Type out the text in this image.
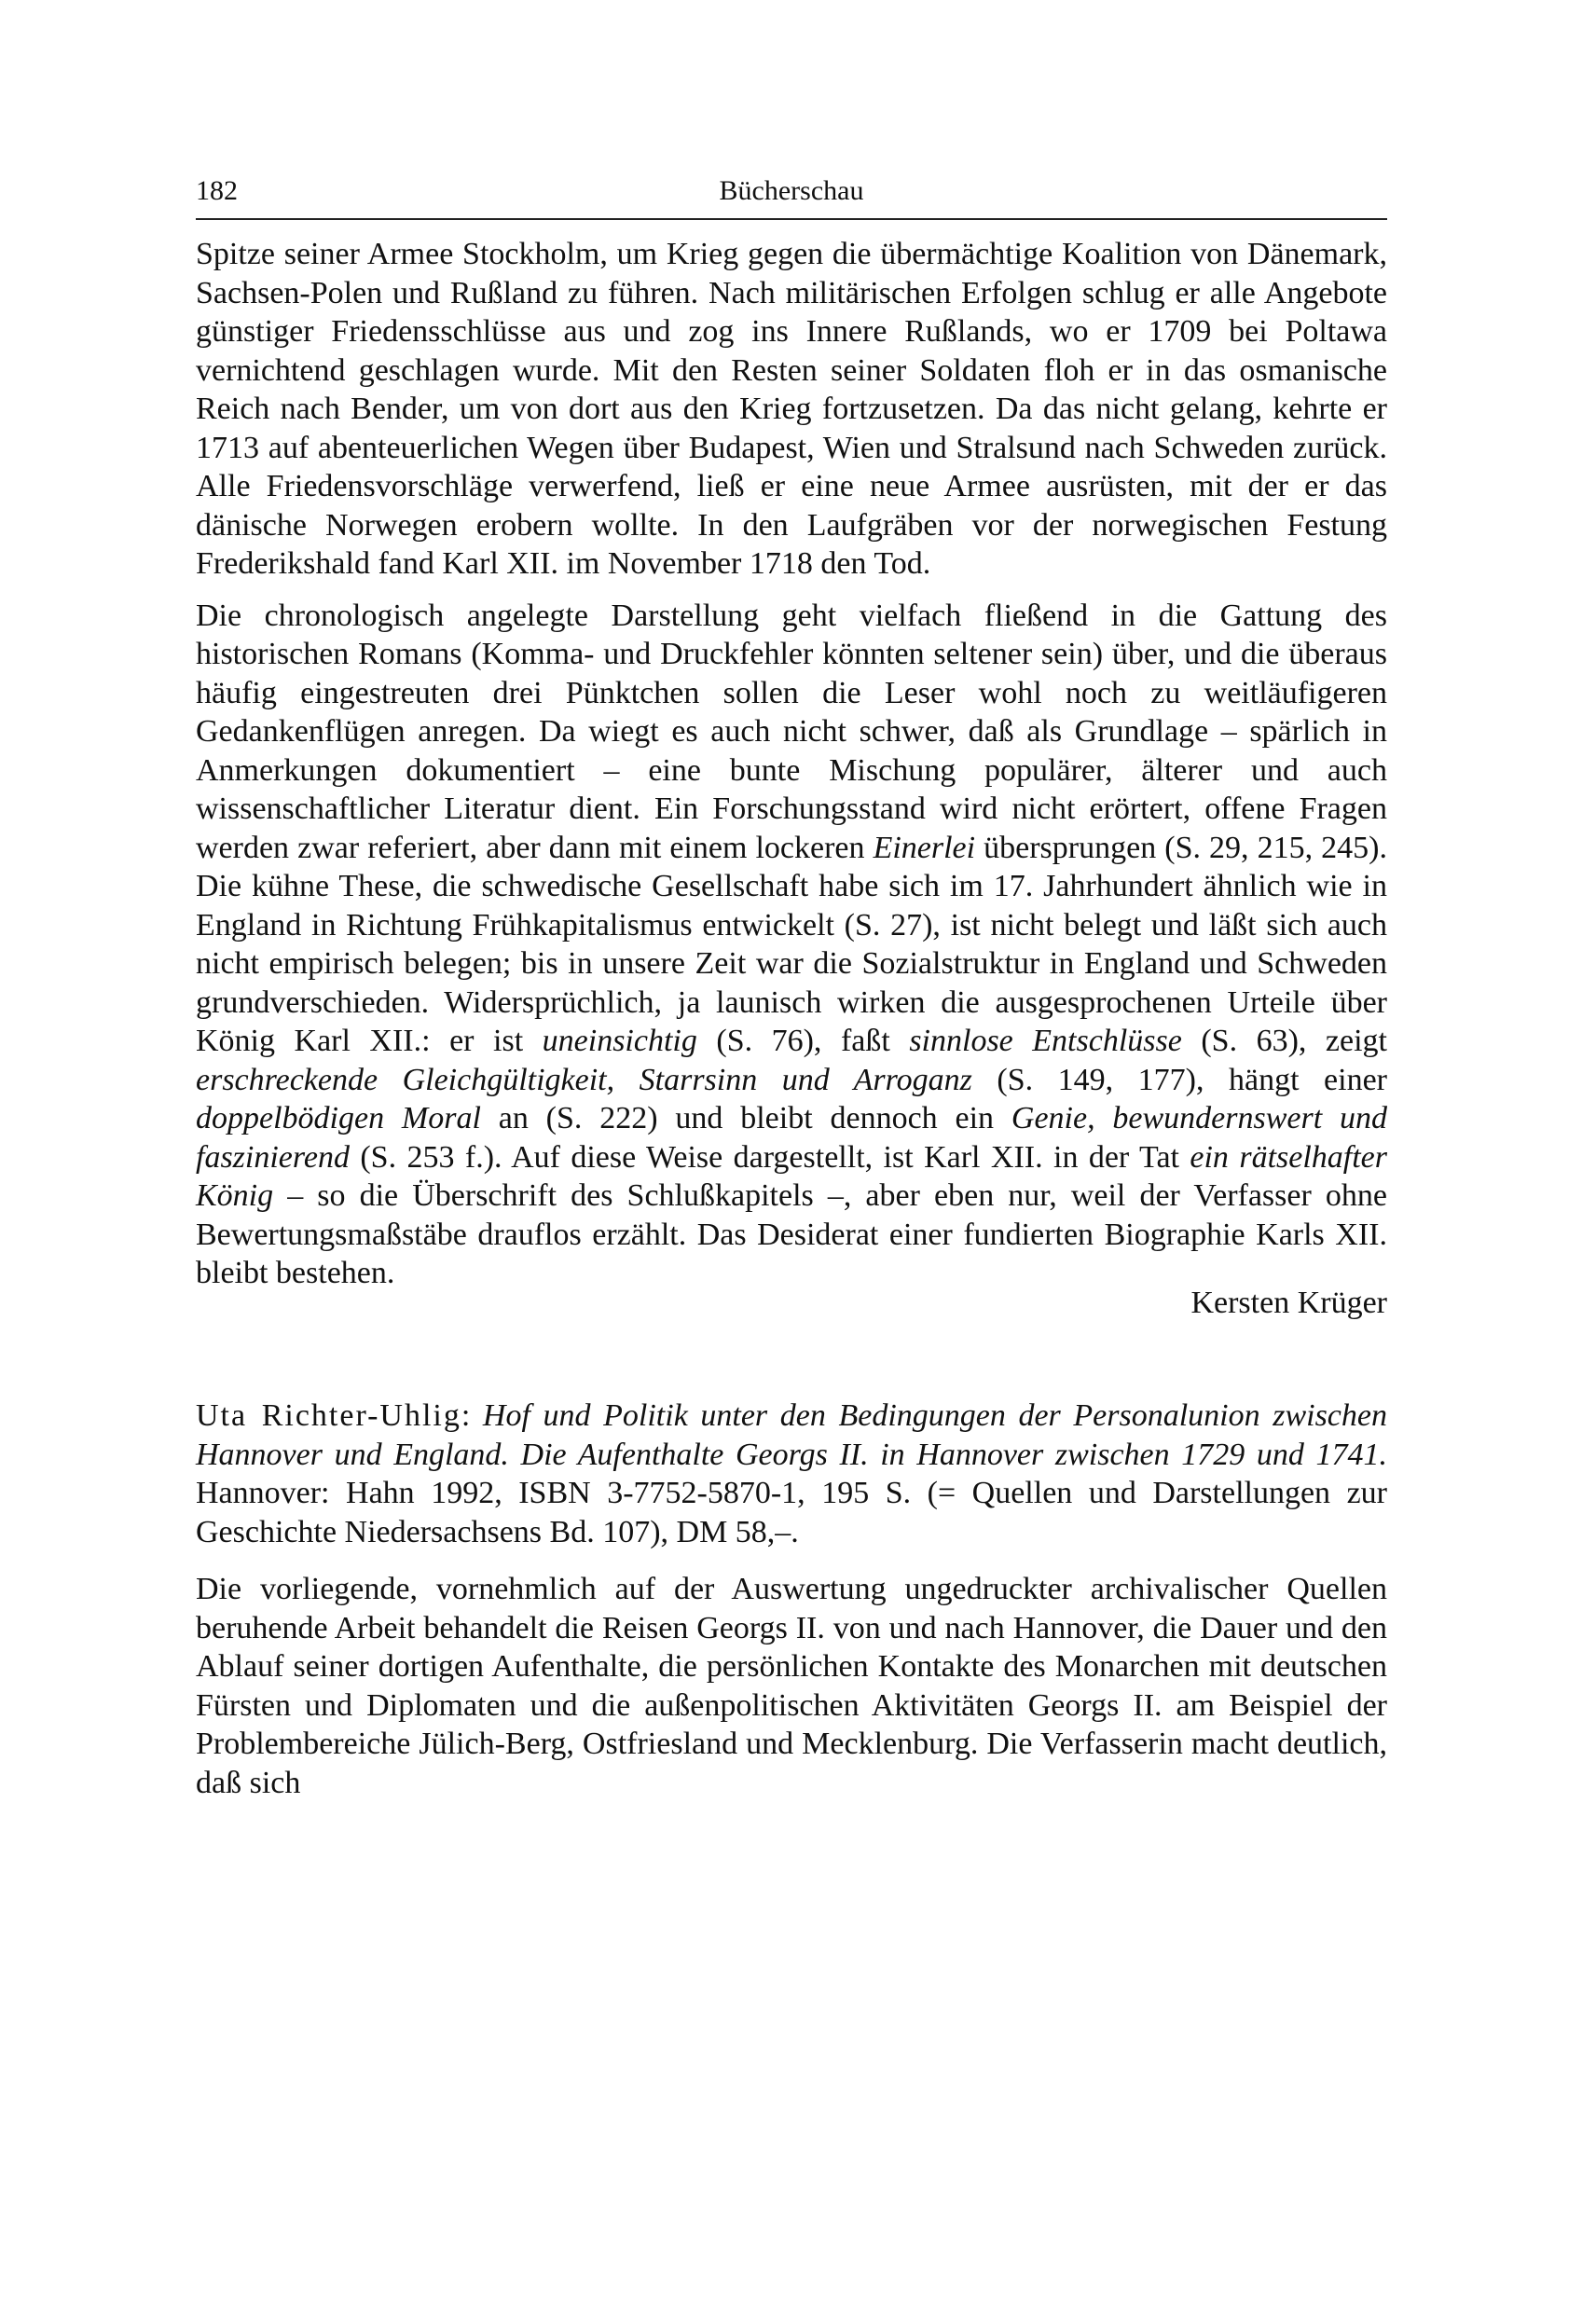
182	Bücherschau

Spitze seiner Armee Stockholm, um Krieg gegen die übermächtige Koalition von Dänemark, Sachsen-Polen und Rußland zu führen. Nach militärischen Erfolgen schlug er alle Angebote günstiger Friedensschlüsse aus und zog ins Innere Rußlands, wo er 1709 bei Poltawa vernichtend geschlagen wurde. Mit den Resten seiner Soldaten floh er in das osmanische Reich nach Bender, um von dort aus den Krieg fortzusetzen. Da das nicht gelang, kehrte er 1713 auf abenteuerlichen Wegen über Budapest, Wien und Stralsund nach Schweden zurück. Alle Friedensvorschläge verwerfend, ließ er eine neue Armee ausrüsten, mit der er das dänische Norwegen erobern wollte. In den Laufgräben vor der norwegischen Festung Frederikshald fand Karl XII. im November 1718 den Tod.

Die chronologisch angelegte Darstellung geht vielfach fließend in die Gattung des historischen Romans (Komma- und Druckfehler könnten seltener sein) über, und die überaus häufig eingestreuten drei Pünktchen sollen die Leser wohl noch zu weitläufigeren Gedankenflügen anregen. Da wiegt es auch nicht schwer, daß als Grundlage – spärlich in Anmerkungen dokumentiert – eine bunte Mischung populärer, älterer und auch wissenschaftlicher Literatur dient. Ein Forschungsstand wird nicht erörtert, offene Fragen werden zwar referiert, aber dann mit einem lockeren Einerlei übersprungen (S. 29, 215, 245). Die kühne These, die schwedische Gesellschaft habe sich im 17. Jahrhundert ähnlich wie in England in Richtung Frühkapitalismus entwickelt (S. 27), ist nicht belegt und läßt sich auch nicht empirisch belegen; bis in unsere Zeit war die Sozialstruktur in England und Schweden grundverschieden. Widersprüchlich, ja launisch wirken die ausgesprochenen Urteile über König Karl XII.: er ist uneinsichtig (S. 76), faßt sinnlose Entschlüsse (S. 63), zeigt erschreckende Gleichgültigkeit, Starrsinn und Arroganz (S. 149, 177), hängt einer doppelbödigen Moral an (S. 222) und bleibt dennoch ein Genie, bewundernswert und faszinierend (S. 253 f.). Auf diese Weise dargestellt, ist Karl XII. in der Tat ein rätselhafter König – so die Überschrift des Schlußkapitels –, aber eben nur, weil der Verfasser ohne Bewertungsmaßstäbe drauflos erzählt. Das Desiderat einer fundierten Biographie Karls XII. bleibt bestehen.

Kersten Krüger

Uta Richter-Uhlig: Hof und Politik unter den Bedingungen der Personalunion zwischen Hannover und England. Die Aufenthalte Georgs II. in Hannover zwischen 1729 und 1741. Hannover: Hahn 1992, ISBN 3-7752-5870-1, 195 S. (= Quellen und Darstellungen zur Geschichte Niedersachsens Bd. 107), DM 58,–.

Die vorliegende, vornehmlich auf der Auswertung ungedruckter archivalischer Quellen beruhende Arbeit behandelt die Reisen Georgs II. von und nach Hannover, die Dauer und den Ablauf seiner dortigen Aufenthalte, die persönlichen Kontakte des Monarchen mit deutschen Fürsten und Diplomaten und die außenpolitischen Aktivitäten Georgs II. am Beispiel der Problembereiche Jülich-Berg, Ostfriesland und Mecklenburg. Die Verfasserin macht deutlich, daß sich
